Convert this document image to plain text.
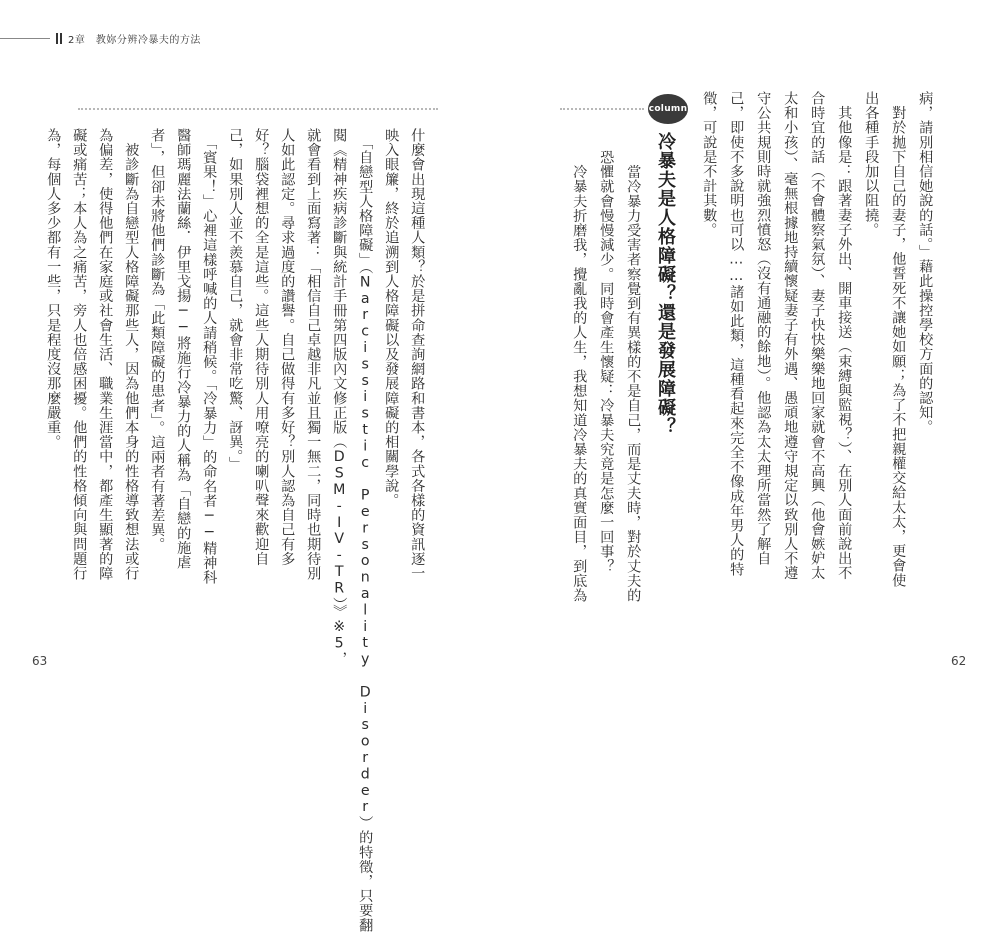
2章　教妳分辨冷暴夫的方法
病，請別相信她說的話。」藉此操控學校方面的認知。
　對於拋下自己的妻子，他誓死不讓她如願；為了不把親權交給太太，更會使
出各種手段加以阻撓。
　其他像是：跟著妻子外出、開車接送（束縛與監視？）、在別人面前說出不
合時宜的話（不會體察氣氛）、妻子快快樂樂地回家就會不高興（他會嫉妒太
太和小孩）、毫無根據地持續懷疑妻子有外遇、愚頑地遵守規定以致別人不遵
守公共規則時就強烈憤怒（沒有通融的餘地）。他認為太太理所當然了解自
己，即使不多說明也可以……諸如此類，這種看起來完全不像成年男人的特
徵，可說是不計其數。
column
冷暴夫是人格障礙？還是發展障礙？
　當冷暴力受害者察覺到有異樣的不是自己，而是丈夫時，對於丈夫的
恐懼就會慢慢減少。同時會產生懷疑：冷暴夫究竟是怎麼一回事？
　冷暴夫折磨我，攪亂我的人生，我想知道冷暴夫的真實面目，到底為
什麼會出現這種人類？於是拼命查詢網路和書本，各式各樣的資訊逐一
映入眼簾，終於追溯到人格障礙以及發展障礙的相關學說。
　「自戀型人格障礙」（Narcissistic Personality Disorder）的特徵，只要翻
閱《精神疾病診斷與統計手冊第四版內文修正版（DSM-IV-TR）》※5，
就會看到上面寫著：「相信自己卓越非凡並且獨一無二，同時也期待別
人如此認定。尋求過度的讚譽。自己做得有多好？別人認為自己有多
好？腦袋裡想的全是這些。這些人期待別人用嘹亮的喇叭聲來歡迎自
己，如果別人並不羨慕自己，就會非常吃驚、訝異。」
　「賓果！」心裡這樣呼喊的人請稍候。「冷暴力」的命名者──精神科
醫師瑪麗法蘭絲．伊里戈揚──將施行冷暴力的人稱為「自戀的施虐
者」，但卻未將他們診斷為「此類障礙的患者」。這兩者有著差異。
　被診斷為自戀型人格障礙那些人，因為他們本身的性格導致想法或行
為偏差，使得他們在家庭或社會生活、職業生涯當中，都產生顯著的障
礙或痛苦；本人為之痛苦，旁人也倍感困擾。他們的性格傾向與問題行
為，每個人多少都有一些，只是程度沒那麼嚴重。
63	62
